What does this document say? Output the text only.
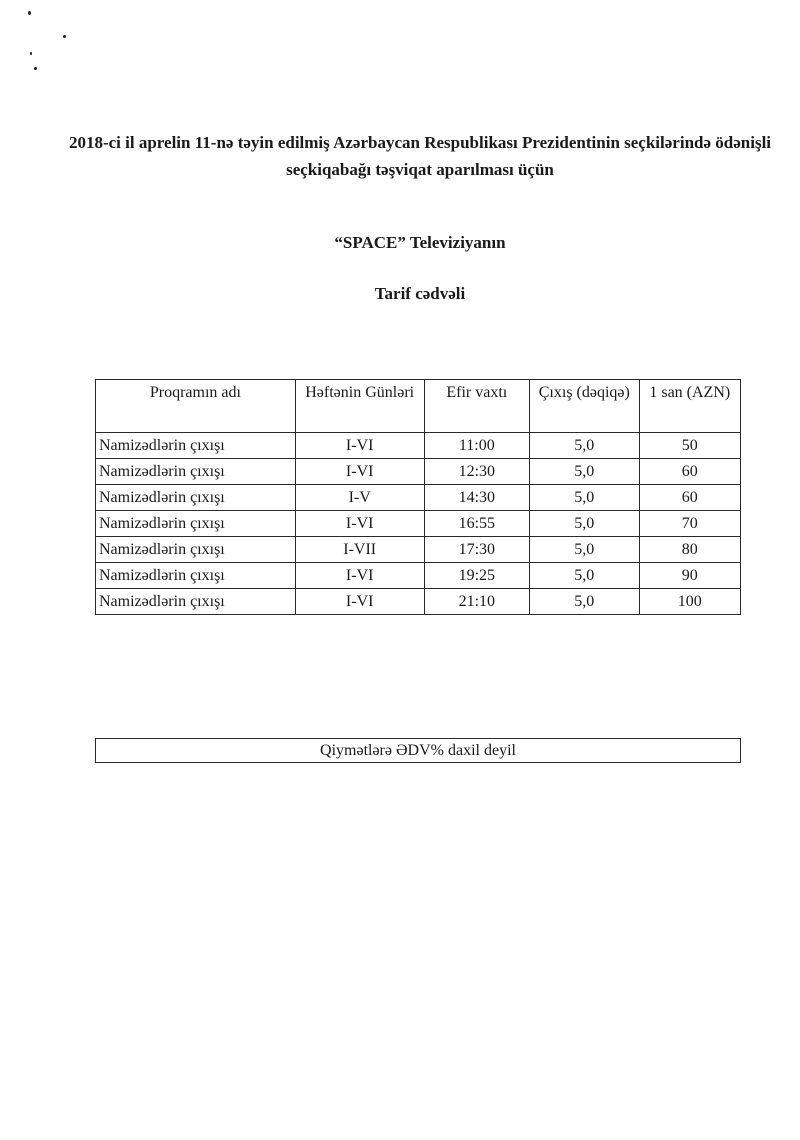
2018-ci il aprelin 11-nə təyin edilmiş Azərbaycan Respublikası Prezidentinin seçkilərində ödənişli seçkiqabağı təşviqat aparılması üçün
“SPACE” Televiziyanın
Tarif cədvəli
Proqramın adı	Həftənin Günləri	Efir vaxtı	Çıxış (dəqiqə)	1 san (AZN)
Namizədlərin çıxışı	I-VI	11:00	5,0	50
Namizədlərin çıxışı	I-VI	12:30	5,0	60
Namizədlərin çıxışı	I-V	14:30	5,0	60
Namizədlərin çıxışı	I-VI	16:55	5,0	70
Namizədlərin çıxışı	I-VII	17:30	5,0	80
Namizədlərin çıxışı	I-VI	19:25	5,0	90
Namizədlərin çıxışı	I-VI	21:10	5,0	100
Qiymətlərə ƏDV% daxil deyil
